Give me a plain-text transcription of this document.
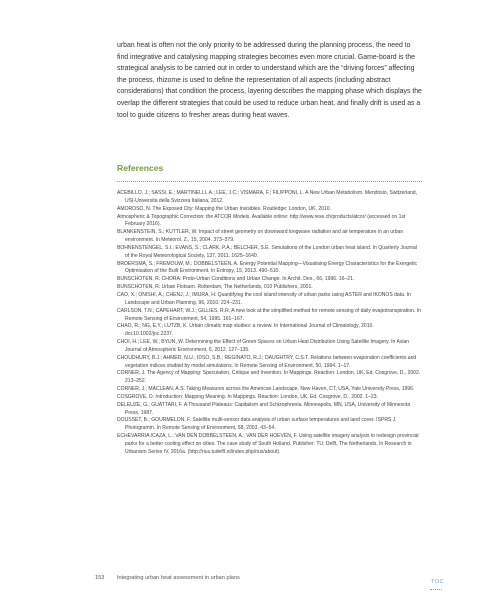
urban heat is often not the only priority to be addressed during the planning process, the need to find integrative and catalysing mapping strategies becomes even more crucial. Game-board is the strategical analysis to be carried out in order to understand which are the “driving forces” affecting the process, rhizome is used to define the representation of all aspects (including abstract considerations) that condition the process, layering describes the mapping phase which displays the overlap the different strategies that could be used to reduce urban heat, and finally drift is used as a tool to guide citizens to fresher areas during heat waves.
References
ACEBILLO, J.; SASSI, E.; MARTINELLI, A.; LEE, J.C.; VISMARA, F.; FILIPPONI, L. A New Urban Metabolism. Mendrisio, Switzerland, USI-Università della Svizzera Italiana, 2012.
AMOROSO, N. The Exposed City: Mapping the Urban Invisibles. Routledge: London, UK, 2010.
Atmospheric & Topographic Correction: the ATCOR Models. Available online: http://www.rese.ch/products/atcor/ (accessed on 1st February 2016).
BLANKENSTEIN, S.; KUTTLER, W. Impact of street geometry on downward longwave radiation and air temperature in an urban environment. In Meteorol. Z., 15, 2004. 373–379.
BOHNENSTENGEL, S.I.; EVANS, S.; CLARK, P.A.; BELCHER, S.E. Simulations of the London urban heat island. In Quarterly Journal of the Royal Meteorological Society, 137, 2011. 1625–1640.
BROERSMA, S.; FREMOUW, M.; DOBBELSTEEN, A. Energy Potential Mapping—Visualising Energy Characteristics for the Exergetic Optimisation of the Built Environment. In Entropy, 15, 2013. 490–510.
BUNSCHOTEN, R. CHORA: Proto-Urban Conditions and Urban Change. In Archit. Des., 66, 1996. 16–21.
BUNSCHOTEN, R. Urban Flotsam. Rotterdam, The Netherlands, 010 Publishers, 2001.
CAO, X.; ONISHI, A.; CHENJ, J.; IMURA, H. Quantifying the cool island intensity of urban parks using ASTER and IKONOS data. In Landscape and Urban Planning, 96, 2010. 224–231.
CARLSON, T.N.; CAPEHART, W.J.; GILLIES, R.R. A new look at the simplified method for remote sensing of daily evapotranspiration. In Remote Sensing of Environment, 54, 1995. 161–167.
CHAO, R.; NG, E.Y.; LUTZB, K. Urban climatic map studies: a review. In International Journal of Climatology, 2010. doi:10.1002/joc.2237.
CHOI, H.; LEE, W.; BYUN, W. Determining the Effect of Green Spaces on Urban Heat Distribution Using Satellite Imagery. In Asian Journal of Atmospheric Environment, 6, 2012. 127–135.
CHOUDHURY, B.J.; AHMED, N.U.; IDSO, S.B.; REGINATO, R.J.; DAUGHTRY, C.S.T. Relations between evaporation coefficients and vegetation indices studied by model simulations. In Remote Sensing of Environment, 50, 1994. 1–17.
CORNER, J. The Agency of Mapping: Speculation, Critique and Invention. In Mappings. Reaction: London, UK, Ed. Cosgrove, D., 2002. 213–252.
CORNER, J.; MACLEAN, A.S. Taking Measures across the American Landscape. New Haven, CT, USA, Yale University Press, 1996.
COSGROVE, D. Introduction: Mapping Meaning. In Mappings. Reaction: London, UK, Ed. Cosgrove, D., 2002. 1–23.
DELEUZE, G.; GUATTARI, F. A Thousand Plateaus: Capitalism and Schizophrenia. Minneapolis, MN, USA, University of Minnesota Press, 1987.
DOUSSET, B.; GOURMELON, F. Satellite multi-sensor data analysis of urban surface temperatures and land cover. ISPRS J. Photogramm. In Remote Sensing of Environment, 58, 2003. 43–54.
ECHEVARRIA ICAZA, L.; VAN DEN DOBBELSTEEN, A.; VAN DER HOEVEN, F. Using satellite imagery analysis to redesign provincial parks for a better cooling effect on cities. The case study of South Holland. Publisher: TU, Delft, The Netherlands, In Research in Urbanism Series IV, 2016a. (http://rius.tudelft.nl/index.php/rius/about).
153 Integrating urban heat assessment in urban plans
TOC
